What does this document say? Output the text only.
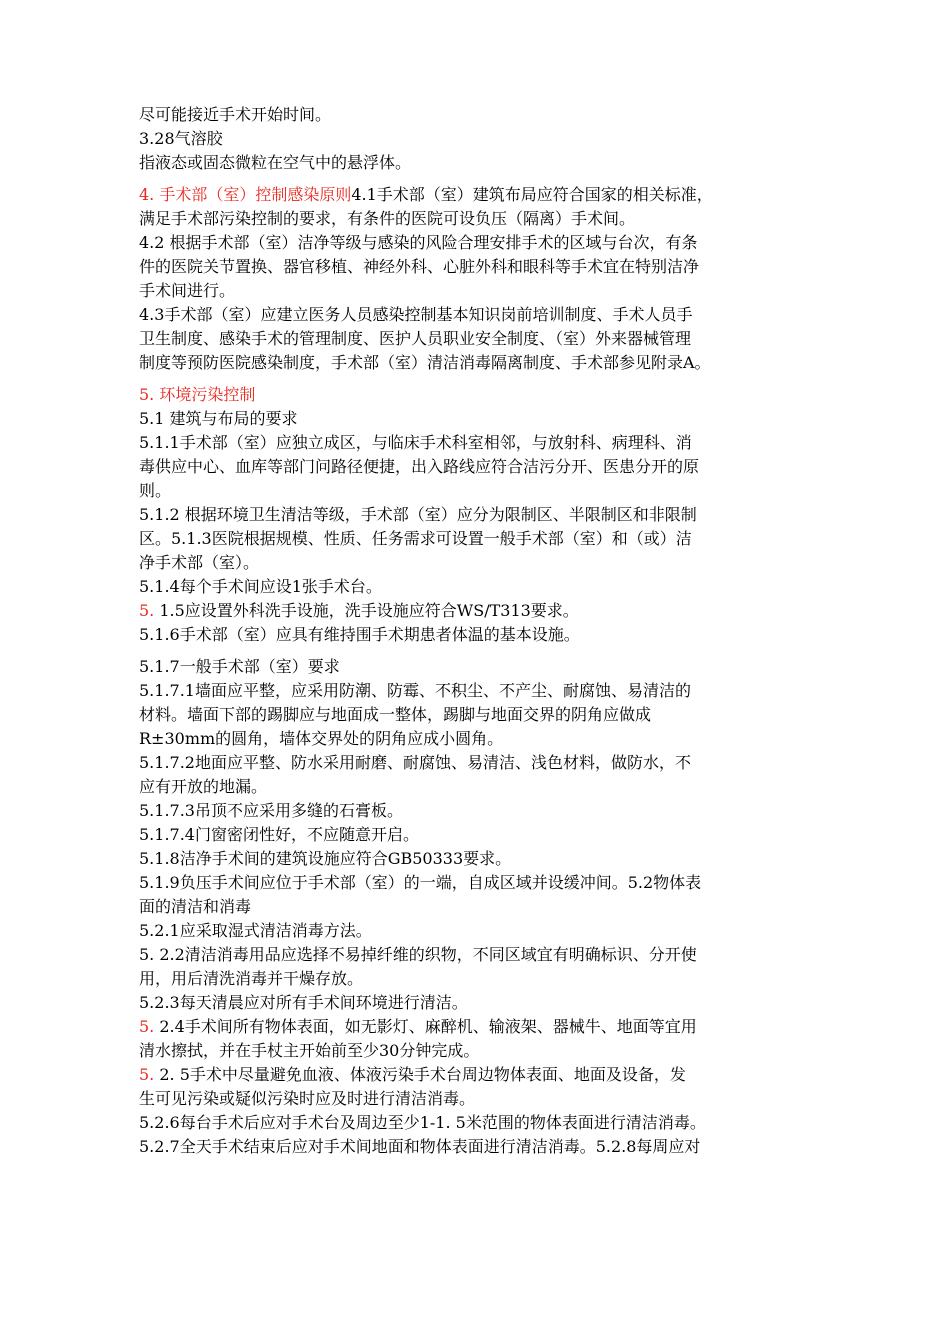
尽可能接近手术开始时间。
3.28气溶胶
指液态或固态微粒在空气中的悬浮体。
4. 手术部（室）控制感染原则4.1手术部（室）建筑布局应符合国家的相关标准，
满足手术部污染控制的要求，有条件的医院可设负压（隔离）手术间。
4.2 根据手术部（室）洁净等级与感染的风险合理安排手术的区域与台次，有条
件的医院关节置换、器官移植、神经外科、心脏外科和眼科等手术宜在特别洁净
手术间进行。
4.3手术部（室）应建立医务人员感染控制基本知识岗前培训制度、手术人员手
卫生制度、感染手术的管理制度、医护人员职业安全制度、（室）外来器械管理
制度等预防医院感染制度，手术部（室）清洁消毒隔离制度、手术部参见附录A。
5. 环境污染控制
5.1 建筑与布局的要求
5.1.1手术部（室）应独立成区，与临床手术科室相邻，与放射科、病理科、消
毒供应中心、血库等部门问路径便捷，出入路线应符合洁污分开、医患分开的原
则。
5.1.2 根据环境卫生清洁等级，手术部（室）应分为限制区、半限制区和非限制
区。5.1.3医院根据规模、性质、任务需求可设置一般手术部（室）和（或）洁
净手术部（室）。
5.1.4每个手术间应设1张手术台。
5. 1.5应设置外科洗手设施，洗手设施应符合WS/T313要求。
5.1.6手术部（室）应具有维持围手术期患者体温的基本设施。
5.1.7一般手术部（室）要求
5.1.7.1墙面应平整，应采用防潮、防霉、不积尘、不产尘、耐腐蚀、易清洁的
材料。墙面下部的踢脚应与地面成一整体，踢脚与地面交界的阴角应做成
R±30mm的圆角，墙体交界处的阴角应成小圆角。
5.1.7.2地面应平整、防水采用耐磨、耐腐蚀、易清洁、浅色材料，做防水，不
应有开放的地漏。
5.1.7.3吊顶不应采用多缝的石膏板。
5.1.7.4门窗密闭性好，不应随意开启。
5.1.8洁净手术间的建筑设施应符合GB50333要求。
5.1.9负压手术间应位于手术部（室）的一端，自成区域并设缓冲间。5.2物体表
面的清洁和消毒
5.2.1应采取湿式清洁消毒方法。
5. 2.2清洁消毒用品应选择不易掉纤维的织物，不同区域宜有明确标识、分开使
用，用后清洗消毒并干燥存放。
5.2.3每天清晨应对所有手术间环境进行清洁。
5. 2.4手术间所有物体表面，如无影灯、麻醉机、输液架、器械牛、地面等宜用
清水擦拭，并在手杖主开始前至少30分钟完成。
5. 2. 5手术中尽量避免血液、体液污染手术台周边物体表面、地面及设备，发
生可见污染或疑似污染时应及时进行清洁消毒。
5.2.6每台手术后应对手术台及周边至少1-1. 5米范围的物体表面进行清洁消毒。
5.2.7全天手术结束后应对手术间地面和物体表面进行清洁消毒。5.2.8每周应对
